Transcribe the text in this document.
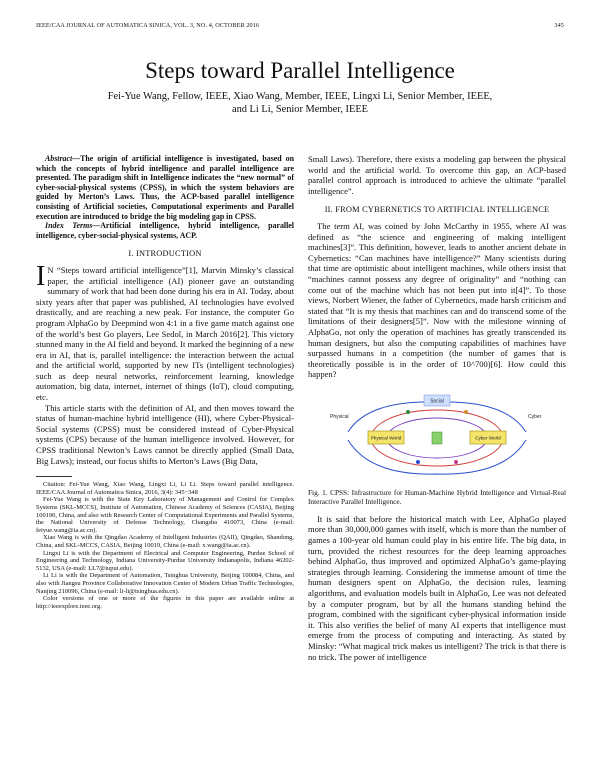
IEEE/CAA JOURNAL OF AUTOMATICA SINICA, VOL. 3, NO. 4, OCTOBER 2016	345
Steps toward Parallel Intelligence
Fei-Yue Wang, Fellow, IEEE, Xiao Wang, Member, IEEE, Lingxi Li, Senior Member, IEEE,
and Li Li, Senior Member, IEEE

Abstract—The origin of artificial intelligence is investigated, based on which the concepts of hybrid intelligence and parallel intelligence are presented. The paradigm shift in Intelligence indicates the “new normal” of cyber-social-physical systems (CPSS), in which the system behaviors are guided by Merton’s Laws. Thus, the ACP-based parallel intelligence consisting of Artificial societies, Computational experiments and Parallel execution are introduced to bridge the big modeling gap in CPSS.

Index Terms—Artificial intelligence, hybrid intelligence, parallel intelligence, cyber-social-physical systems, ACP.

I. INTRODUCTION

I N “Steps toward artificial intelligence”[1], Marvin Minsky’s classical paper, the artificial intelligence (AI) pioneer gave an outstanding summary of work that had been done during his era in AI. Today, about sixty years after that paper was published, AI technologies have evolved drastically, and are reaching a new peak. For instance, the computer Go program AlphaGo by Deepmind won 4:1 in a five game match against one of the world’s best Go players, Lee Sedol, in March 2016[2]. This victory stunned many in the AI field and beyond. It marked the beginning of a new era in AI, that is, parallel intelligence: the interaction between the actual and the artificial world, supported by new ITs (intelligent technologies) such as deep neural networks, reinforcement learning, knowledge automation, big data, internet, internet of things (IoT), cloud computing, etc.

This article starts with the definition of AI, and then moves toward the status of human-machine hybrid intelligence (HI), where Cyber-Physical-Social systems (CPSS) must be considered instead of Cyber-Physical systems (CPS) because of the human intelligence involved. However, for CPSS traditional Newton’s Laws cannot be directly applied (Small Data, Big Laws); instead, our focus shifts to Merton’s Laws (Big Data,

Citation: Fei-Yue Wang, Xiao Wang, Lingxi Li, Li Li. Steps toward parallel intelligence. IEEE/CAA Journal of Automatica Sinica, 2016, 3(4): 345−348

Fei-Yue Wang is with the State Key Laboratory of Management and Control for Complex Systems (SKL-MCCS), Institute of Automation, Chinese Academy of Sciences (CASIA), Beijing 100190, China, and also with Research Center of Computational Experiments and Parallel Systems, the National University of Defense Technology, Changsha 410073, China (e-mail: feiyue.wang@ia.ac.cn).

Xiao Wang is with the Qingdao Academy of Intelligent Industries (QAII), Qingdao, Shandong, China, and SKL-MCCS, CASIA, Beijing 10019, China (e-mail: x.wang@ia.ac.cn).

Lingxi Li is with the Department of Electrical and Computer Engineering, Purdue School of Engineering and Technology, Indiana University-Purdue University Indianapolis, Indiana 46202-5132, USA (e-mail: LL7@iupui.edu).

Li Li is with the Department of Automation, Tsinghua University, Beijing 100084, China, and also with Jiangsu Province Collaborative Innovation Center of Modern Urban Traffic Technologies, Nanjing 210096, China (e-mail: li-li@tsinghua.edu.cn).

Color versions of one or more of the figures in this paper are available online at http://ieeexplore.ieee.org.

Small Laws). Therefore, there exists a modeling gap between the physical world and the artificial world. To overcome this gap, an ACP-based parallel control approach is introduced to achieve the ultimate “parallel intelligence”.

II. FROM CYBERNETICS TO ARTIFICIAL INTELLIGENCE

The term AI, was coined by John McCarthy in 1955, where AI was defined as “the science and engineering of making intelligent machines[3]”. This definition, however, leads to another ancient debate in Cybernetics: “Can machines have intelligence?” Many scientists during that time are optimistic about intelligent machines, while others insist that “machines cannot possess any degree of originality” and “nothing can come out of the machine which has not been put into it[4]”. To those views, Norbert Wiener, the father of Cybernetics, made harsh criticism and stated that “It is my thesis that machines can and do transcend some of the limitations of their designers[5]”. Now with the milestone winning of AlphaGo, not only the operation of machines has greatly transcended its human designers, but also the computing capabilities of machines have surpassed humans in a competition (the number of games that is theoretically possible is in the order of 10^700)[6]. How could this happen?

Physical World	Cyber World
Social
Physical	Cyber
Fig. 1. CPSS: Infrastructure for Human-Machine Hybrid Intelligence and Virtual-Real Interactive Parallel Intelligence.

It is said that before the historical match with Lee, AlphaGo played more than 30,000,000 games with itself, which is more than the number of games a 100-year old human could play in his entire life. The big data, in turn, provided the richest resources for the deep learning approaches behind AlphaGo, thus improved and optimized AlphaGo’s game-playing strategies through learning. Considering the immense amount of time the human designers spent on AlphaGo, the decision rules, learning algorithms, and evaluation models built in AlphaGo, Lee was not defeated by a computer program, but by all the humans standing behind the program, combined with the significant cyber-physical information inside it. This also verifies the belief of many AI experts that intelligence must emerge from the process of computing and interacting. As stated by Minsky: “What magical trick makes us intelligent? The trick is that there is no trick. The power of intelligence
